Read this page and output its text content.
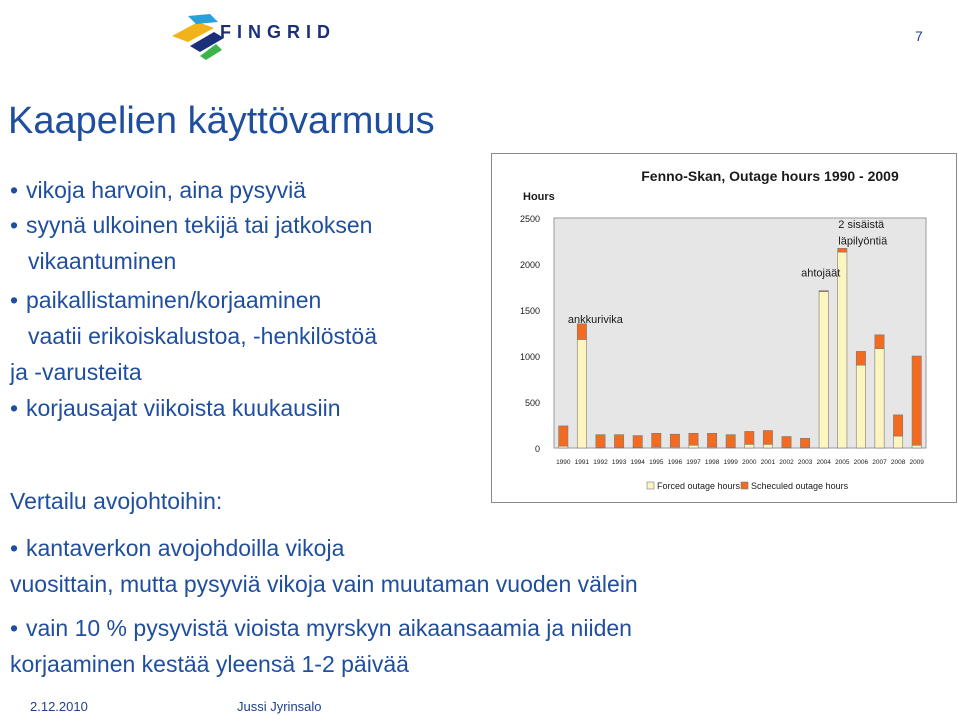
FINGRID	7
Kaapelien käyttövarmuus
• vikoja harvoin, aina pysyviä
• syynä ulkoinen tekijä tai jatkoksen
vikaantuminen
• paikallistaminen/korjaaminen
vaatii erikoiskalustoa, -henkilöstöä
ja -varusteita
• korjausajat viikoista kuukausiin
0
500
1000
1500
2000
2500
1990 1991 1992 1993 1994 1995 1996 1997 1998 1999 2000 2001 2002 2003 2004 2005 2006 2007 2008 2009
ankkurivika
ahtojäät
2 sisäistä
läpilyöntiä
Forced outage hours Scheculed outage hours
Fenno-Skan, Outage hours 1990 - 2009
Hours
Vertailu avojohtoihin:
• kantaverkon avojohdoilla vikoja
vuosittain, mutta pysyviä vikoja vain muutaman vuoden välein
• vain 10 % pysyvistä vioista myrskyn aikaansaamia ja niiden
korjaaminen kestää yleensä 1-2 päivää
2.12.2010	Jussi Jyrinsalo
